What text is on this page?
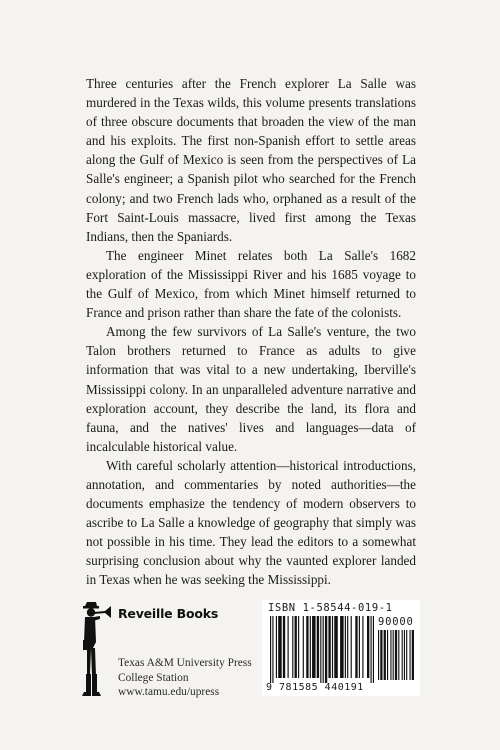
Three centuries after the French explorer La Salle was murdered in the Texas wilds, this volume presents translations of three obscure documents that broaden the view of the man and his exploits. The first non-Spanish effort to settle areas along the Gulf of Mexico is seen from the perspectives of La Salle's engineer; a Spanish pilot who searched for the French colony; and two French lads who, orphaned as a result of the Fort Saint-Louis massacre, lived first among the Texas Indians, then the Spaniards.

The engineer Minet relates both La Salle's 1682 exploration of the Mississippi River and his 1685 voyage to the Gulf of Mexico, from which Minet himself returned to France and prison rather than share the fate of the colonists.

Among the few survivors of La Salle's venture, the two Talon brothers returned to France as adults to give information that was vital to a new undertaking, Iberville's Mississippi colony. In an unparalleled adventure narrative and exploration account, they describe the land, its flora and fauna, and the natives' lives and languages—data of incalculable historical value.

With careful scholarly attention—historical introductions, annotation, and commentaries by noted authorities—the documents emphasize the tendency of modern observers to ascribe to La Salle a knowledge of geography that simply was not possible in his time. They lead the editors to a somewhat surprising conclusion about why the vaunted explorer landed in Texas when he was seeking the Mississippi.

Reveille Books
Texas A&M University Press
College Station
www.tamu.edu/upress
ISBN 1-58544-019-1
90000
9 781585 440191
